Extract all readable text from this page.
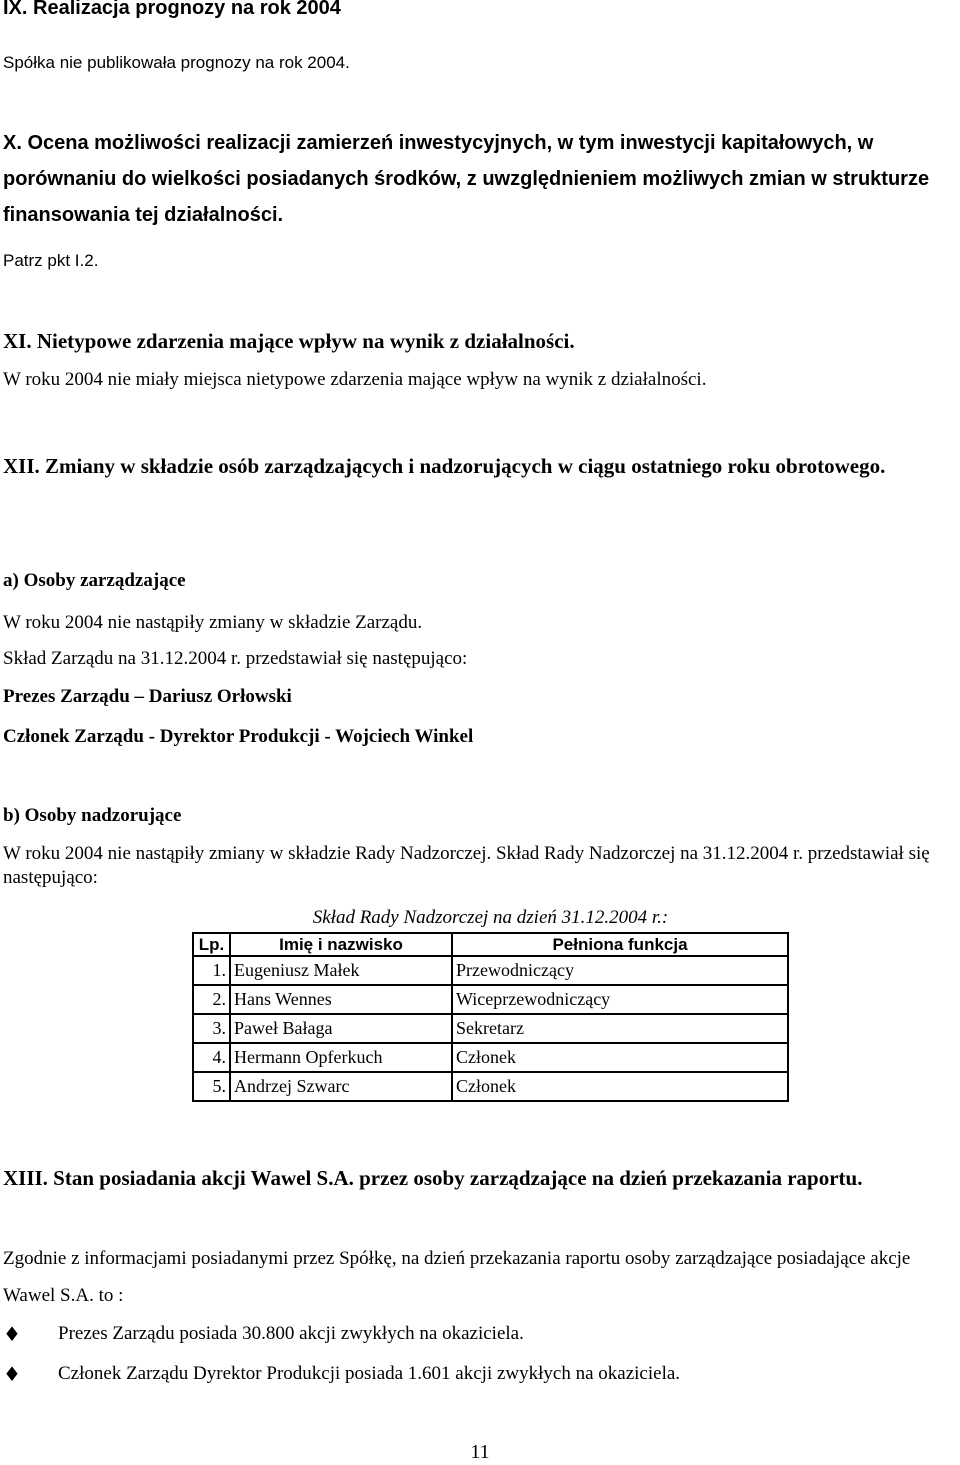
IX. Realizacja prognozy na rok 2004

Spółka nie publikowała prognozy na rok 2004.

X. Ocena możliwości realizacji zamierzeń inwestycyjnych, w tym inwestycji kapitałowych, w porównaniu do wielkości posiadanych środków, z uwzględnieniem możliwych zmian w strukturze finansowania tej działalności.

Patrz pkt I.2.

XI. Nietypowe zdarzenia mające wpływ na wynik z działalności.

W roku 2004 nie miały miejsca nietypowe zdarzenia mające wpływ na wynik z działalności.

XII. Zmiany w składzie osób zarządzających i nadzorujących w ciągu ostatniego roku obrotowego.

a) Osoby zarządzające

W roku 2004 nie nastąpiły zmiany w składzie Zarządu.

Skład Zarządu na 31.12.2004 r. przedstawiał się następująco:

Prezes Zarządu – Dariusz Orłowski

Członek Zarządu - Dyrektor Produkcji - Wojciech Winkel

b) Osoby nadzorujące

W roku 2004 nie nastąpiły zmiany w składzie Rady Nadzorczej. Skład Rady Nadzorczej na 31.12.2004 r. przedstawiał się następująco:

Skład Rady Nadzorczej na dzień 31.12.2004 r.:

Lp.	Imię i nazwisko	Pełniona funkcja
1.	Eugeniusz Małek	Przewodniczący
2.	Hans Wennes	Wiceprzewodniczący
3.	Paweł Bałaga	Sekretarz
4.	Hermann Opferkuch	Członek
5.	Andrzej Szwarc	Członek

XIII. Stan posiadania akcji Wawel S.A. przez osoby zarządzające na dzień przekazania raportu.

Zgodnie z informacjami posiadanymi przez Spółkę, na dzień przekazania raportu osoby zarządzające posiadające akcje Wawel S.A. to :

♦ Prezes Zarządu posiada 30.800 akcji zwykłych na okaziciela.

♦ Członek Zarządu Dyrektor Produkcji posiada 1.601 akcji zwykłych na okaziciela.

11
